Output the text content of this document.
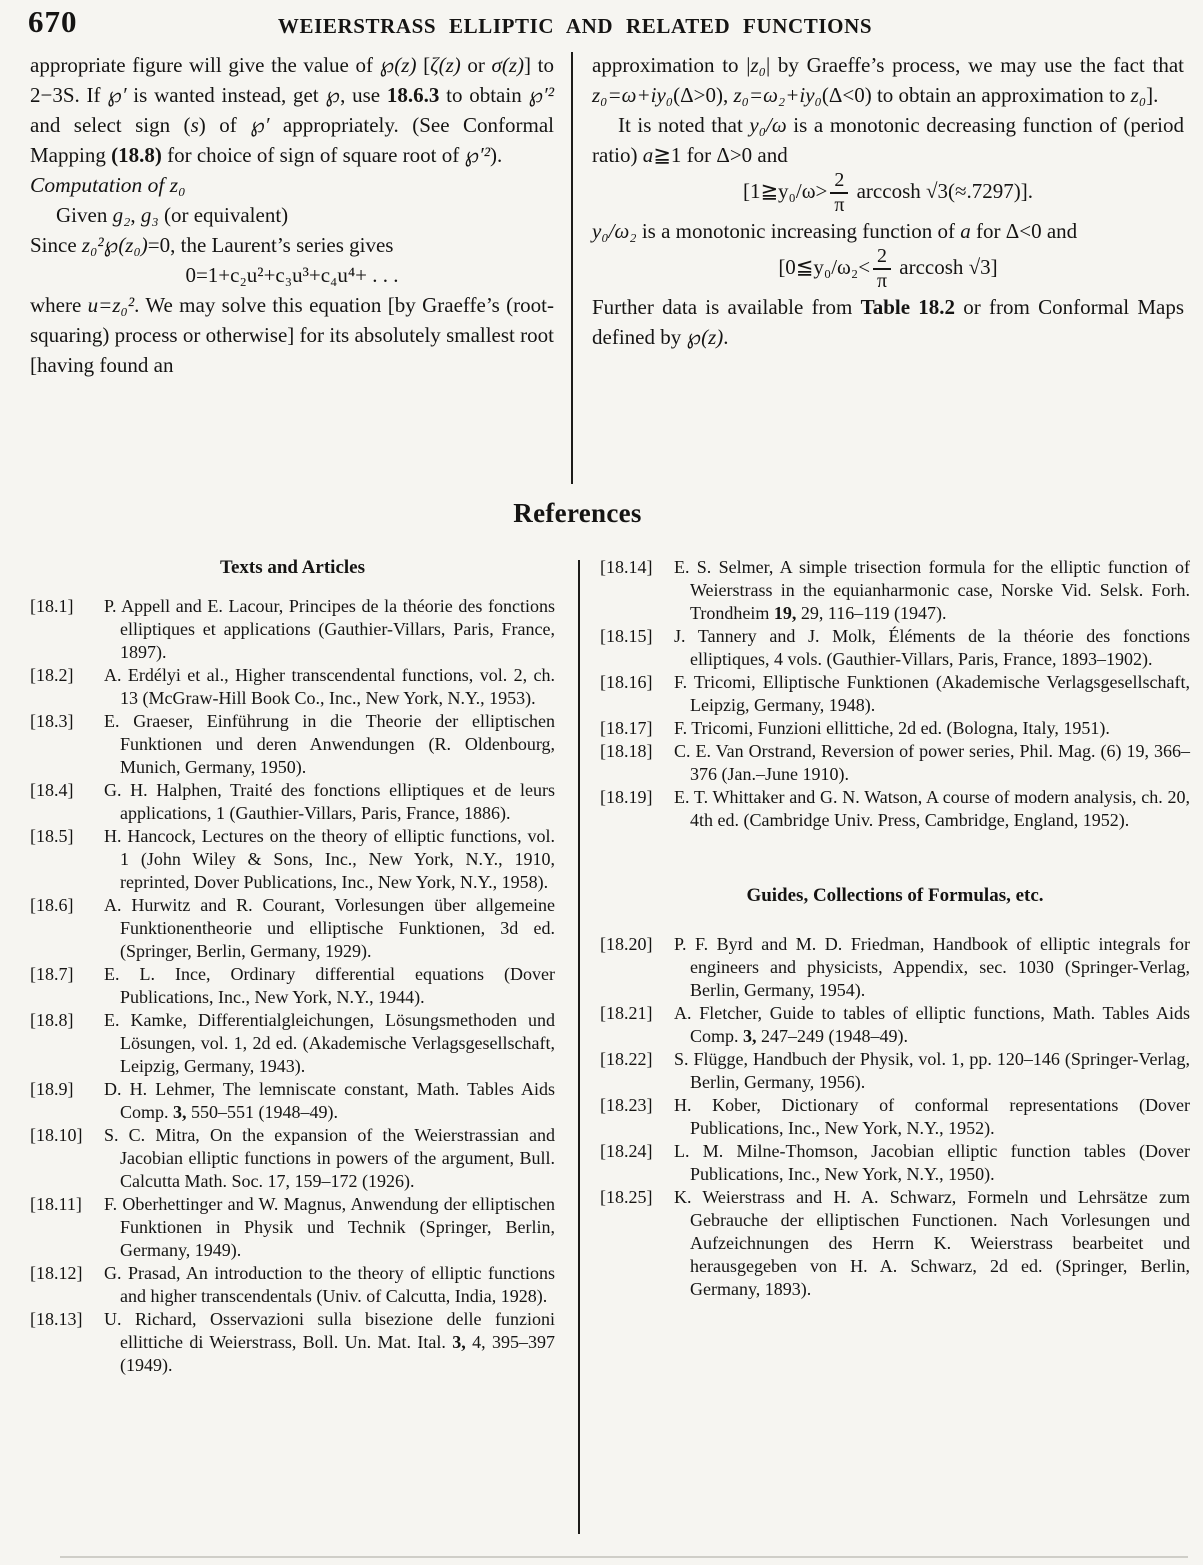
670	WEIERSTRASS ELLIPTIC AND RELATED FUNCTIONS

appropriate figure will give the value of ℘(z) [ζ(z) or σ(z)] to 2−3S. If ℘′ is wanted instead, get ℘, use 18.6.3 to obtain ℘′² and select sign (s) of ℘′ appropriately. (See Conformal Mapping (18.8) for choice of sign of square root of ℘′²).

Computation of z₀

Given g₂, g₃ (or equivalent)

Since z₀²℘(z₀)=0, the Laurent’s series gives

0=1+c₂u²+c₃u³+c₄u⁴+ . . .

where u=z₀². We may solve this equation [by Graeffe’s (root-squaring) process or otherwise] for its absolutely smallest root [having found an

approximation to |z₀| by Graeffe’s process, we may use the fact that z₀=ω+iy₀(Δ>0), z₀=ω₂+iy₀(Δ<0) to obtain an approximation to z₀].

It is noted that y₀/ω is a monotonic decreasing function of (period ratio) a≧1 for Δ>0 and

[1≧y₀/ω> $\frac{2}{\pi}$ arccosh √3(≈.7297)].

y₀/ω₂ is a monotonic increasing function of a for Δ<0 and

[0≦y₀/ω₂< $\frac{2}{\pi}$ arccosh √3]

Further data is available from Table 18.2 or from Conformal Maps defined by ℘(z).

References

Texts and Articles

[18.1] P. Appell and E. Lacour, Principes de la théorie des fonctions elliptiques et applications (Gauthier-Villars, Paris, France, 1897).
[18.2] A. Erdélyi et al., Higher transcendental functions, vol. 2, ch. 13 (McGraw-Hill Book Co., Inc., New York, N.Y., 1953).
[18.3] E. Graeser, Einführung in die Theorie der elliptischen Funktionen und deren Anwendungen (R. Oldenbourg, Munich, Germany, 1950).
[18.4] G. H. Halphen, Traité des fonctions elliptiques et de leurs applications, 1 (Gauthier-Villars, Paris, France, 1886).
[18.5] H. Hancock, Lectures on the theory of elliptic functions, vol. 1 (John Wiley & Sons, Inc., New York, N.Y., 1910, reprinted, Dover Publications, Inc., New York, N.Y., 1958).
[18.6] A. Hurwitz and R. Courant, Vorlesungen über allgemeine Funktionentheorie und elliptische Funktionen, 3d ed. (Springer, Berlin, Germany, 1929).
[18.7] E. L. Ince, Ordinary differential equations (Dover Publications, Inc., New York, N.Y., 1944).
[18.8] E. Kamke, Differentialgleichungen, Lösungsmethoden und Lösungen, vol. 1, 2d ed. (Akademische Verlagsgesellschaft, Leipzig, Germany, 1943).
[18.9] D. H. Lehmer, The lemniscate constant, Math. Tables Aids Comp. 3, 550–551 (1948–49).
[18.10] S. C. Mitra, On the expansion of the Weierstrassian and Jacobian elliptic functions in powers of the argument, Bull. Calcutta Math. Soc. 17, 159–172 (1926).
[18.11] F. Oberhettinger and W. Magnus, Anwendung der elliptischen Funktionen in Physik und Technik (Springer, Berlin, Germany, 1949).
[18.12] G. Prasad, An introduction to the theory of elliptic functions and higher transcendentals (Univ. of Calcutta, India, 1928).
[18.13] U. Richard, Osservazioni sulla bisezione delle funzioni ellittiche di Weierstrass, Boll. Un. Mat. Ital. 3, 4, 395–397 (1949).
[18.14] E. S. Selmer, A simple trisection formula for the elliptic function of Weierstrass in the equianharmonic case, Norske Vid. Selsk. Forh. Trondheim 19, 29, 116–119 (1947).
[18.15] J. Tannery and J. Molk, Éléments de la théorie des fonctions elliptiques, 4 vols. (Gauthier-Villars, Paris, France, 1893–1902).
[18.16] F. Tricomi, Elliptische Funktionen (Akademische Verlagsgesellschaft, Leipzig, Germany, 1948).
[18.17] F. Tricomi, Funzioni ellittiche, 2d ed. (Bologna, Italy, 1951).
[18.18] C. E. Van Orstrand, Reversion of power series, Phil. Mag. (6) 19, 366–376 (Jan.–June 1910).
[18.19] E. T. Whittaker and G. N. Watson, A course of modern analysis, ch. 20, 4th ed. (Cambridge Univ. Press, Cambridge, England, 1952).

Guides, Collections of Formulas, etc.

[18.20] P. F. Byrd and M. D. Friedman, Handbook of elliptic integrals for engineers and physicists, Appendix, sec. 1030 (Springer-Verlag, Berlin, Germany, 1954).
[18.21] A. Fletcher, Guide to tables of elliptic functions, Math. Tables Aids Comp. 3, 247–249 (1948–49).
[18.22] S. Flügge, Handbuch der Physik, vol. 1, pp. 120–146 (Springer-Verlag, Berlin, Germany, 1956).
[18.23] H. Kober, Dictionary of conformal representations (Dover Publications, Inc., New York, N.Y., 1952).
[18.24] L. M. Milne-Thomson, Jacobian elliptic function tables (Dover Publications, Inc., New York, N.Y., 1950).
[18.25] K. Weierstrass and H. A. Schwarz, Formeln und Lehrsätze zum Gebrauche der elliptischen Functionen. Nach Vorlesungen und Aufzeichnungen des Herrn K. Weierstrass bearbeitet und herausgegeben von H. A. Schwarz, 2d ed. (Springer, Berlin, Germany, 1893).
